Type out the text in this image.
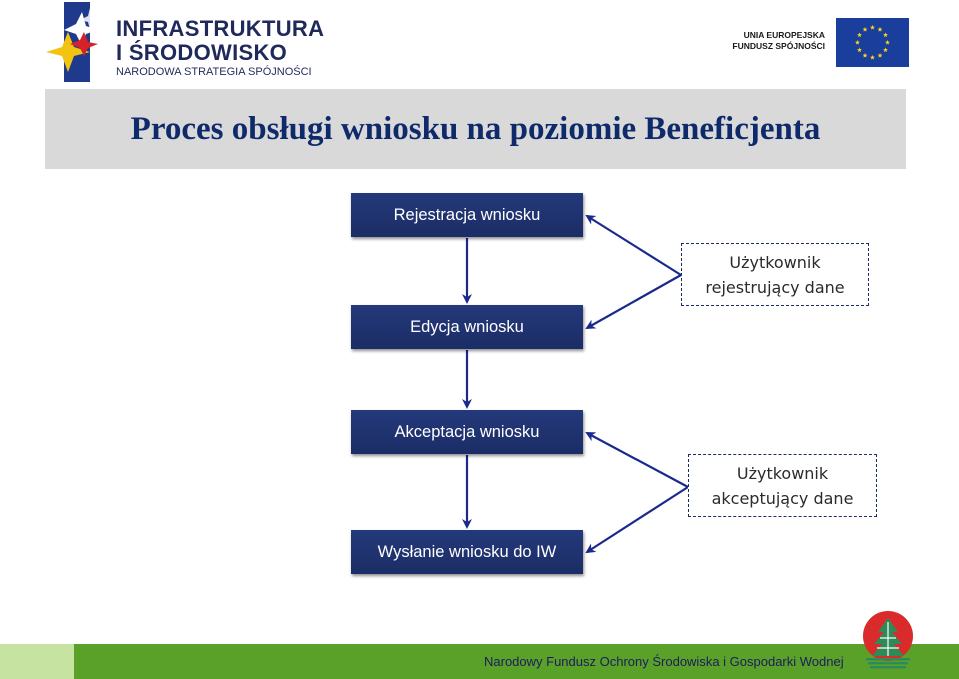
INFRASTRUKTURA
I ŚRODOWISKO
NARODOWA STRATEGIA SPÓJNOŚCI
UNIA EUROPEJSKA
FUNDUSZ SPÓJNOŚCI
Proces obsługi wniosku na poziomie Beneficjenta
Rejestracja wniosku
Edycja wniosku
Akceptacja wniosku
Wysłanie wniosku do IW
Użytkownik
rejestrujący dane
Użytkownik
akceptujący dane
Narodowy Fundusz Ochrony Środowiska i Gospodarki Wodnej
